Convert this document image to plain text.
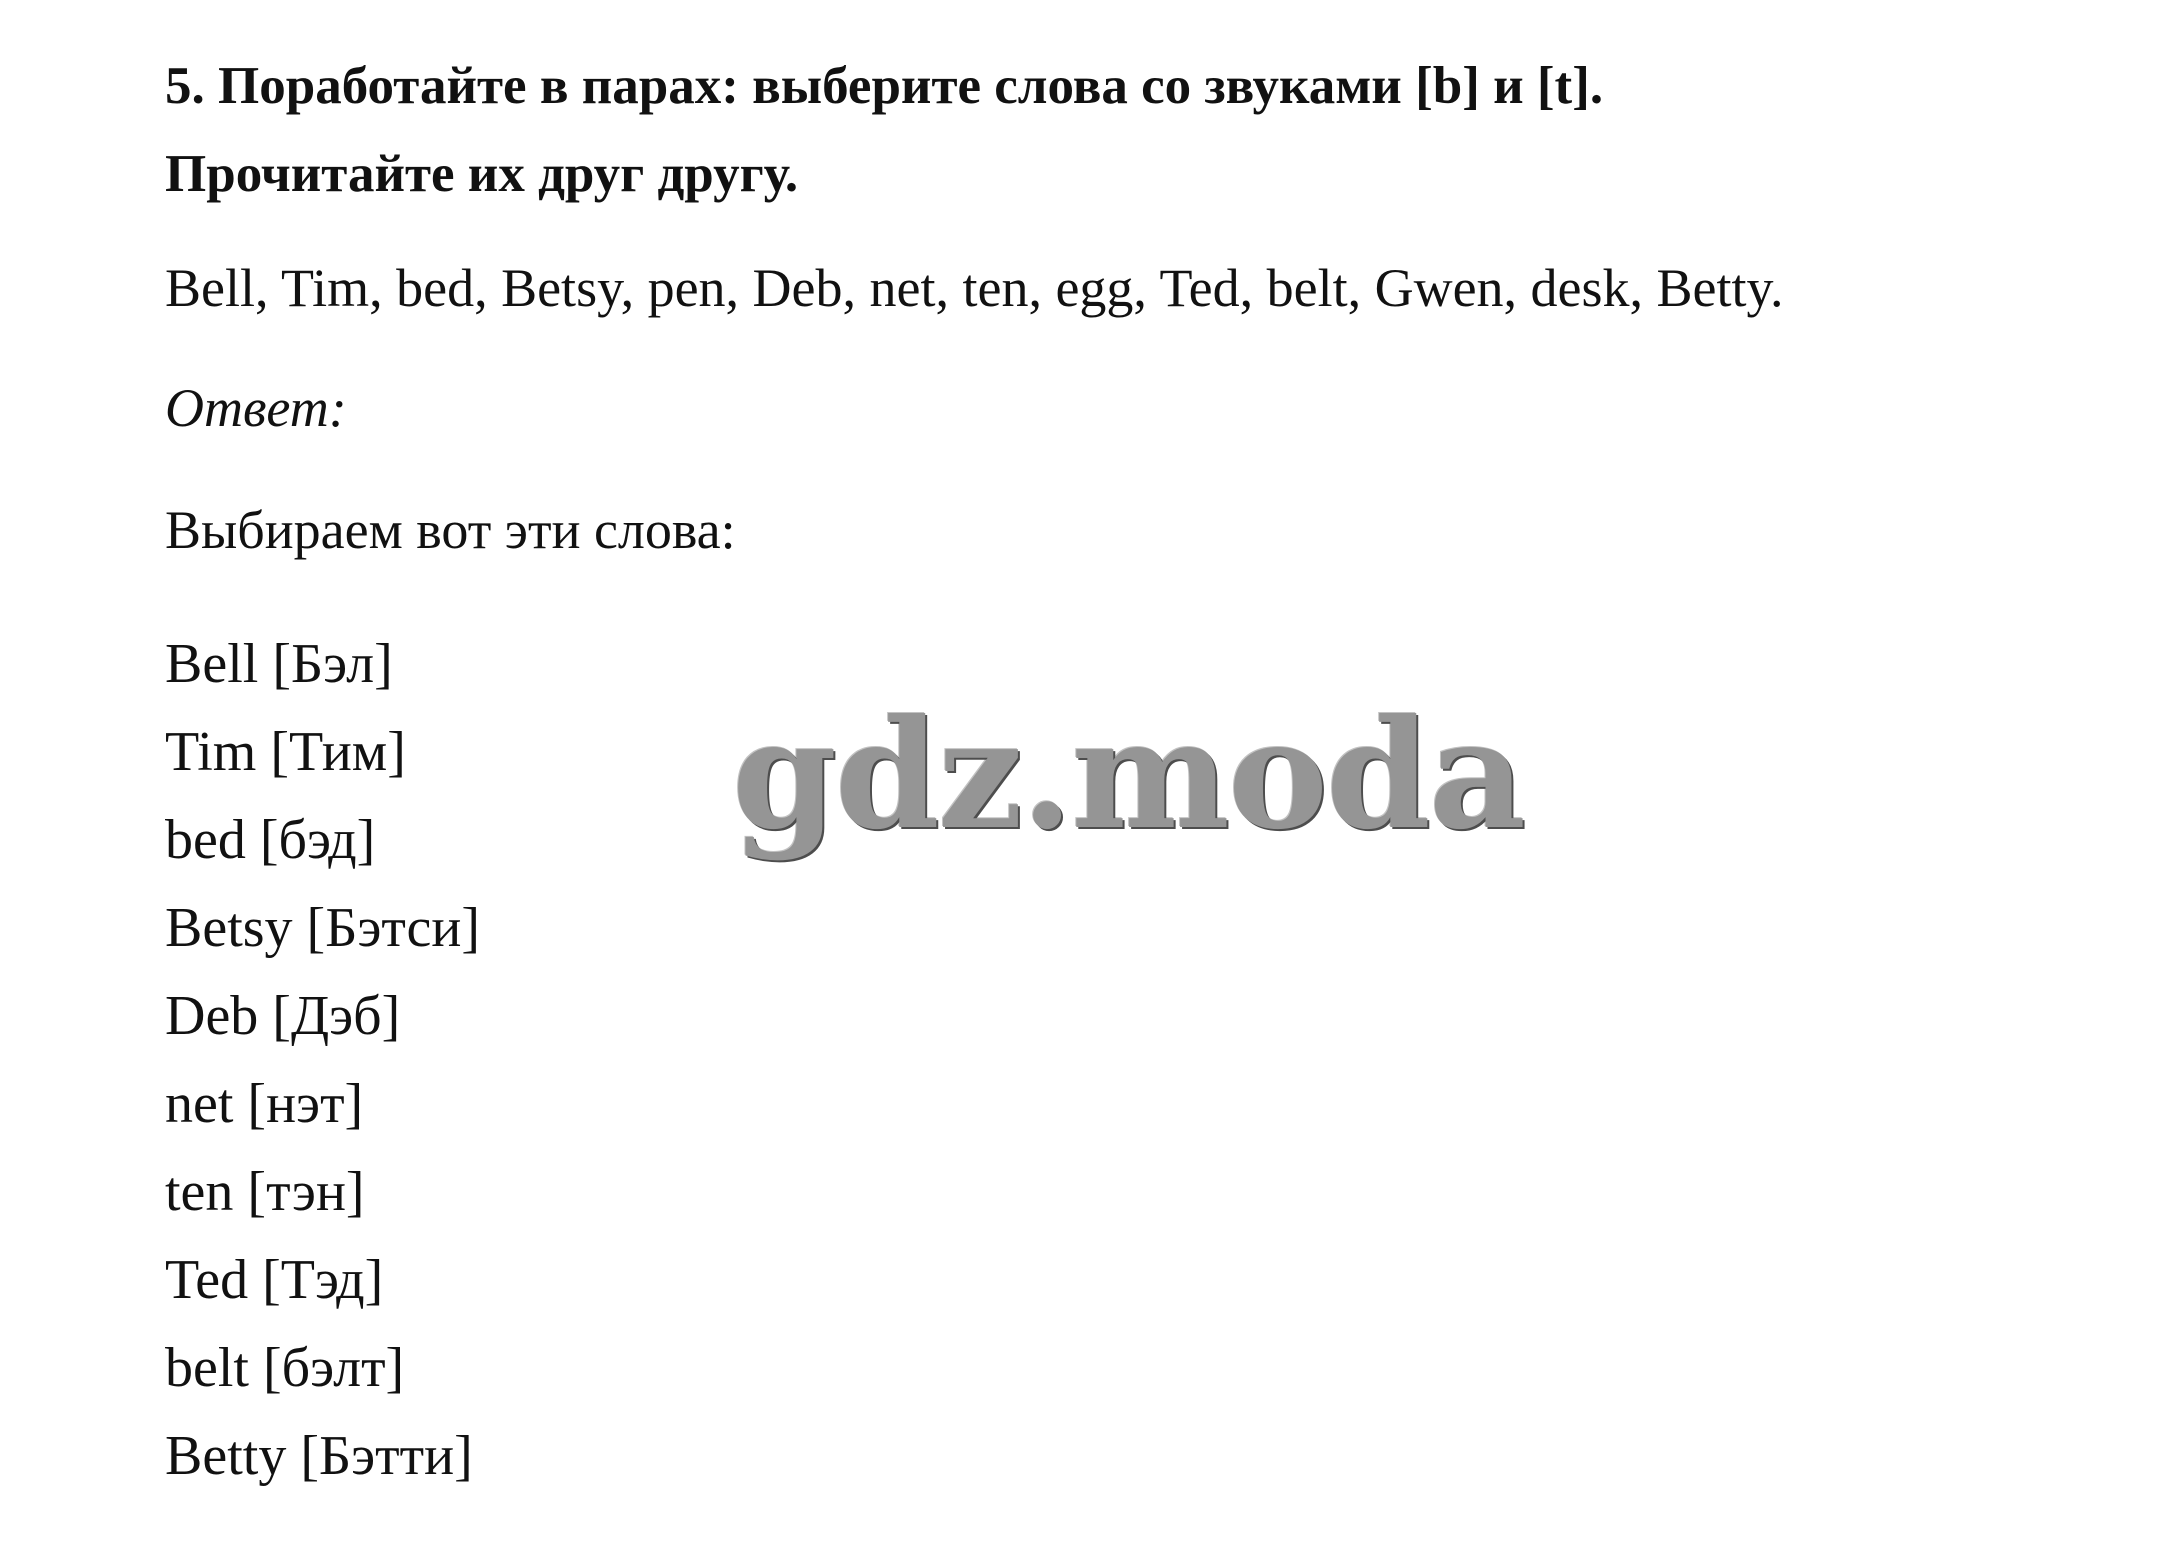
5. Поработайте в парах: выберите слова со звуками [b] и [t].
Прочитайте их друг другу.
Bell, Tim, bed, Betsy, pen, Deb, net, ten, egg, Ted, belt, Gwen, desk, Betty.
Ответ:
Выбираем вот эти слова:
Bell [Бэл]
Tim [Тим]
bed [бэд]
Betsy [Бэтси]
Deb [Дэб]
net [нэт]
ten [тэн]
Ted [Тэд]
belt [бэлт]
Betty [Бэтти]
gdz.moda
